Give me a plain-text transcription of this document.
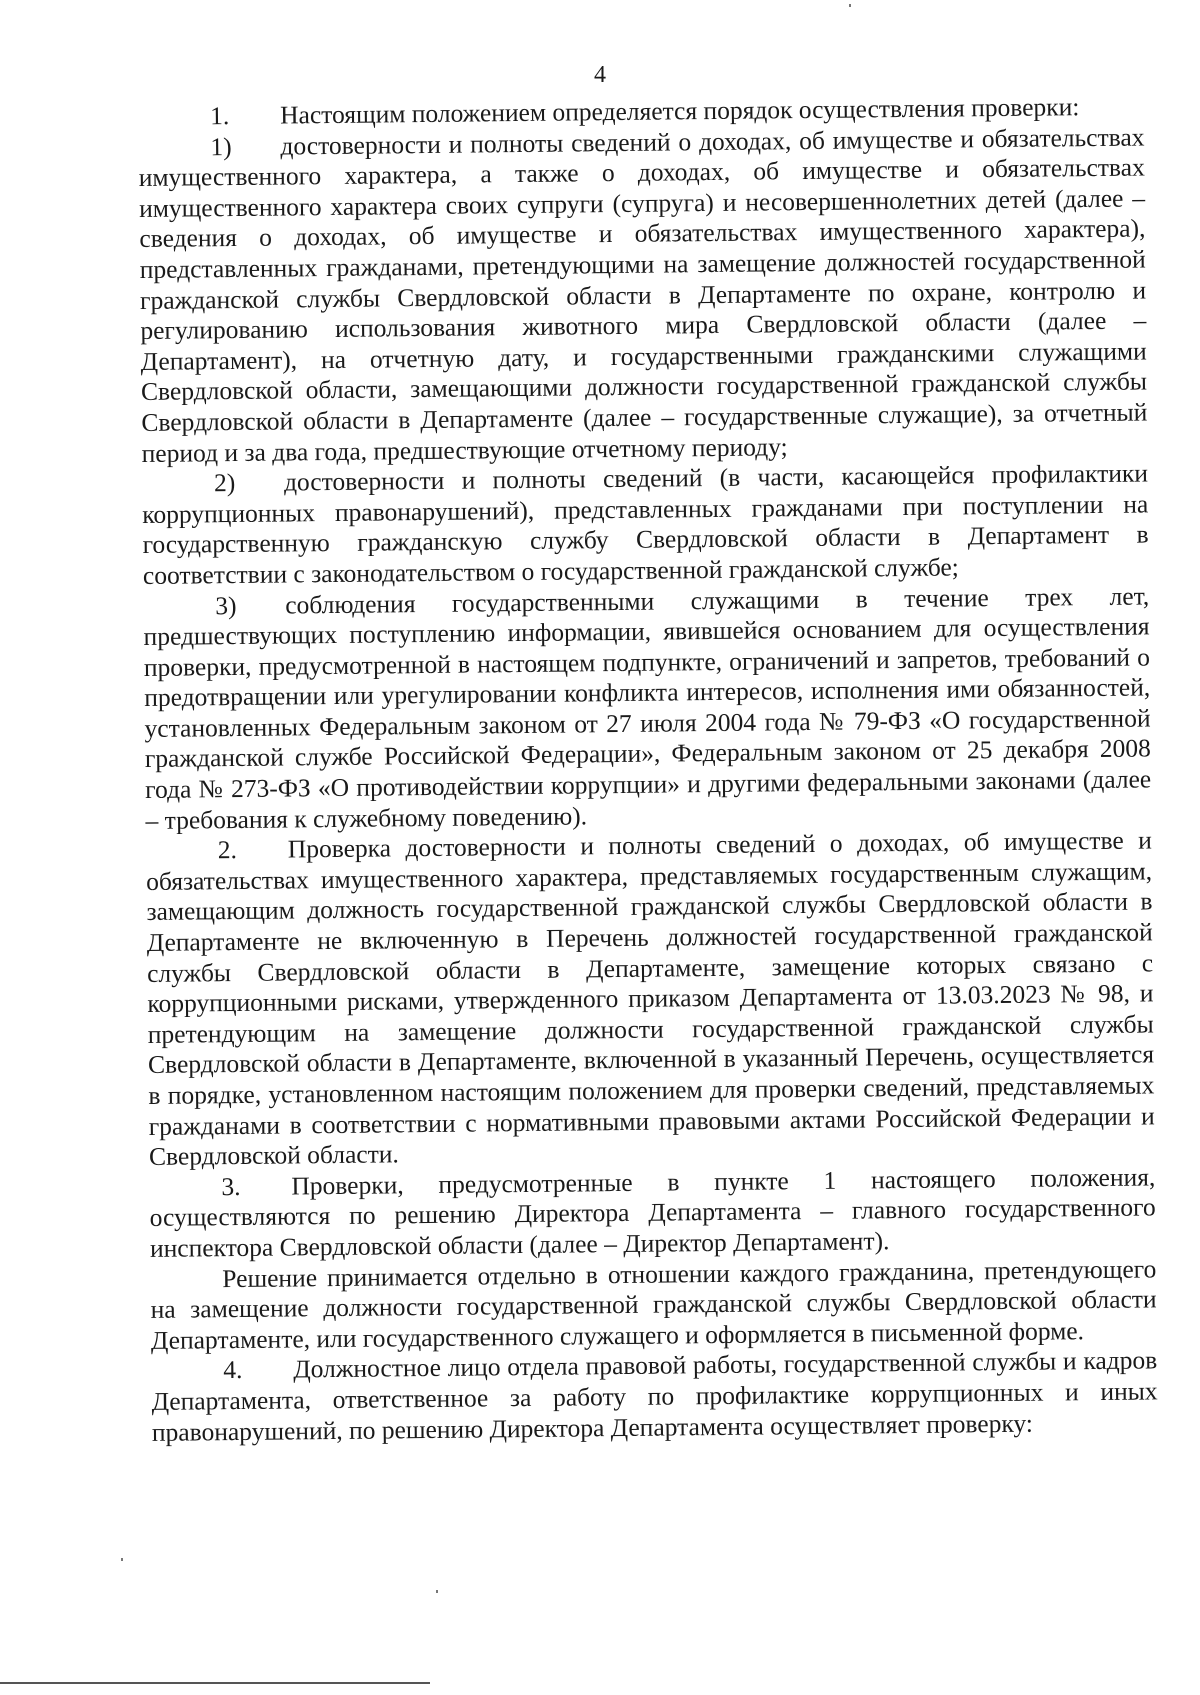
4

1. Настоящим положением определяется порядок осуществления проверки:

1) достоверности и полноты сведений о доходах, об имуществе и обязательствах имущественного характера, а также о доходах, об имуществе и обязательствах имущественного характера своих супруги (супруга) и несовершеннолетних детей (далее – сведения о доходах, об имуществе и обязательствах имущественного характера), представленных гражданами, претендующими на замещение должностей государственной гражданской службы Свердловской области в Департаменте по охране, контролю и регулированию использования животного мира Свердловской области (далее – Департамент), на отчетную дату, и государственными гражданскими служащими Свердловской области, замещающими должности государственной гражданской службы Свердловской области в Департаменте (далее – государственные служащие), за отчетный период и за два года, предшествующие отчетному периоду;

2) достоверности и полноты сведений (в части, касающейся профилактики коррупционных правонарушений), представленных гражданами при поступлении на государственную гражданскую службу Свердловской области в Департамент в соответствии с законодательством о государственной гражданской службе;

3) соблюдения государственными служащими в течение трех лет, предшествующих поступлению информации, явившейся основанием для осуществления проверки, предусмотренной в настоящем подпункте, ограничений и запретов, требований о предотвращении или урегулировании конфликта интересов, исполнения ими обязанностей, установленных Федеральным законом от 27 июля 2004 года № 79-ФЗ «О государственной гражданской службе Российской Федерации», Федеральным законом от 25 декабря 2008 года № 273-ФЗ «О противодействии коррупции» и другими федеральными законами (далее – требования к служебному поведению).

2. Проверка достоверности и полноты сведений о доходах, об имуществе и обязательствах имущественного характера, представляемых государственным служащим, замещающим должность государственной гражданской службы Свердловской области в Департаменте не включенную в Перечень должностей государственной гражданской службы Свердловской области в Департаменте, замещение которых связано с коррупционными рисками, утвержденного приказом Департамента от 13.03.2023 № 98, и претендующим на замещение должности государственной гражданской службы Свердловской области в Департаменте, включенной в указанный Перечень, осуществляется в порядке, установленном настоящим положением для проверки сведений, представляемых гражданами в соответствии с нормативными правовыми актами Российской Федерации и Свердловской области.

3. Проверки, предусмотренные в пункте 1 настоящего положения, осуществляются по решению Директора Департамента – главного государственного инспектора Свердловской области (далее – Директор Департамент).

Решение принимается отдельно в отношении каждого гражданина, претендующего на замещение должности государственной гражданской службы Свердловской области Департаменте, или государственного служащего и оформляется в письменной форме.

4. Должностное лицо отдела правовой работы, государственной службы и кадров Департамента, ответственное за работу по профилактике коррупционных и иных правонарушений, по решению Директора Департамента осуществляет проверку:
